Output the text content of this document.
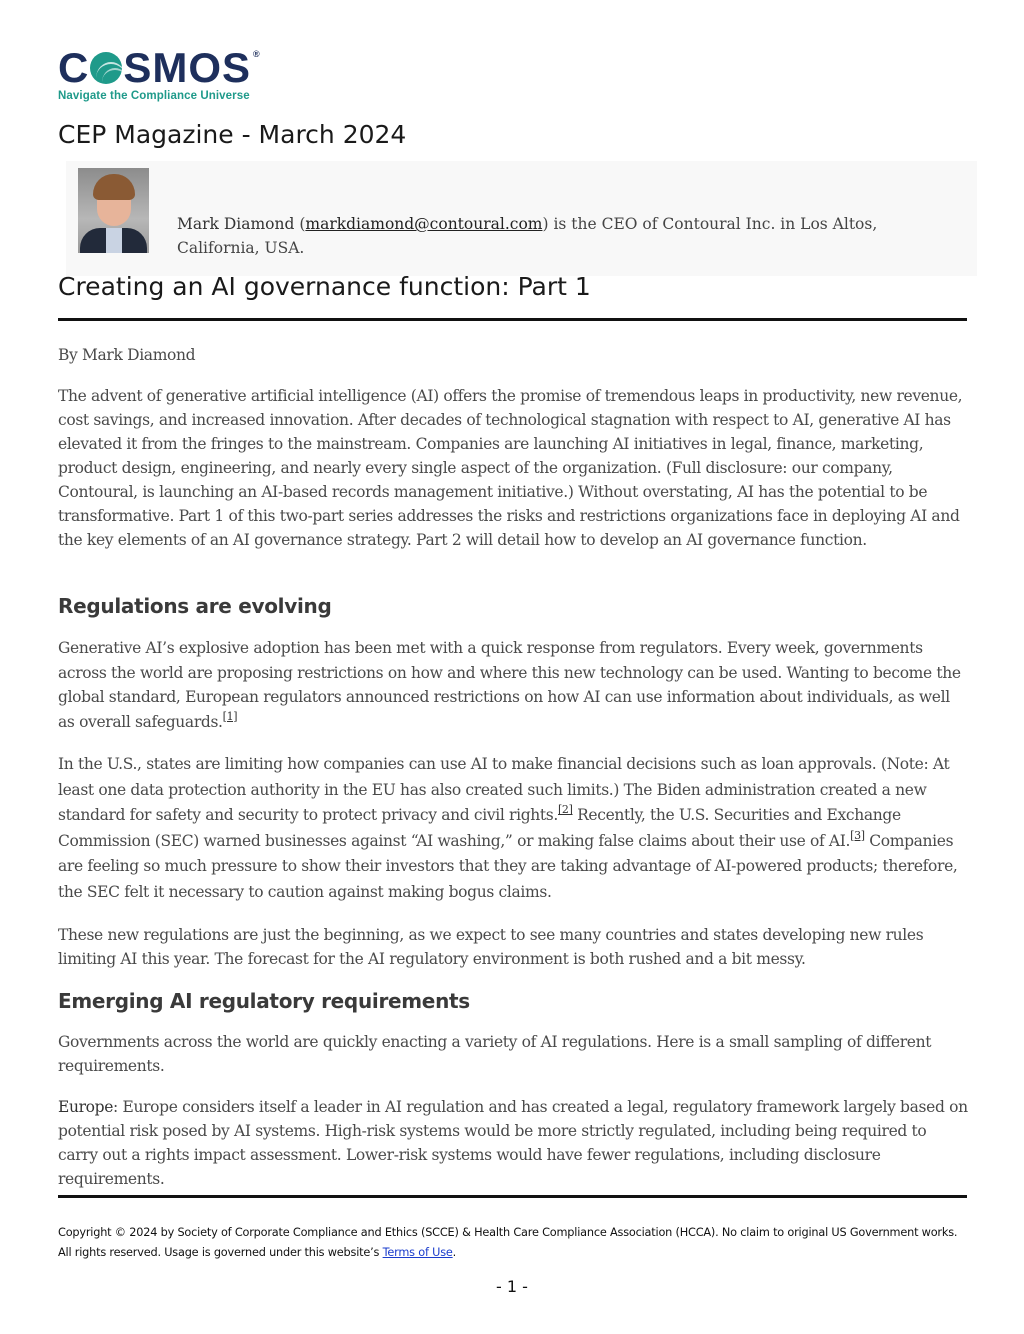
C SMOS ®
Navigate the Compliance Universe
CEP Magazine - March 2024
Mark Diamond (markdiamond@contoural.com) is the CEO of Contoural Inc. in Los Altos, California, USA.
Creating an AI governance function: Part 1
By Mark Diamond
The advent of generative artificial intelligence (AI) offers the promise of tremendous leaps in productivity, new revenue, cost savings, and increased innovation. After decades of technological stagnation with respect to AI, generative AI has elevated it from the fringes to the mainstream. Companies are launching AI initiatives in legal, finance, marketing, product design, engineering, and nearly every single aspect of the organization. (Full disclosure: our company, Contoural, is launching an AI-based records management initiative.) Without overstating, AI has the potential to be transformative. Part 1 of this two-part series addresses the risks and restrictions organizations face in deploying AI and the key elements of an AI governance strategy. Part 2 will detail how to develop an AI governance function.
Regulations are evolving
Generative AI’s explosive adoption has been met with a quick response from regulators. Every week, governments across the world are proposing restrictions on how and where this new technology can be used. Wanting to become the global standard, European regulators announced restrictions on how AI can use information about individuals, as well as overall safeguards.[1]
In the U.S., states are limiting how companies can use AI to make financial decisions such as loan approvals. (Note: At least one data protection authority in the EU has also created such limits.) The Biden administration created a new standard for safety and security to protect privacy and civil rights.[2] Recently, the U.S. Securities and Exchange Commission (SEC) warned businesses against “AI washing,” or making false claims about their use of AI.[3] Companies are feeling so much pressure to show their investors that they are taking advantage of AI-powered products; therefore, the SEC felt it necessary to caution against making bogus claims.
These new regulations are just the beginning, as we expect to see many countries and states developing new rules limiting AI this year. The forecast for the AI regulatory environment is both rushed and a bit messy.
Emerging AI regulatory requirements
Governments across the world are quickly enacting a variety of AI regulations. Here is a small sampling of different requirements.
Europe: Europe considers itself a leader in AI regulation and has created a legal, regulatory framework largely based on potential risk posed by AI systems. High-risk systems would be more strictly regulated, including being required to carry out a rights impact assessment. Lower-risk systems would have fewer regulations, including disclosure requirements.
Copyright © 2024 by Society of Corporate Compliance and Ethics (SCCE) & Health Care Compliance Association (HCCA). No claim to original US Government works. All rights reserved. Usage is governed under this website’s Terms of Use.
- 1 -
